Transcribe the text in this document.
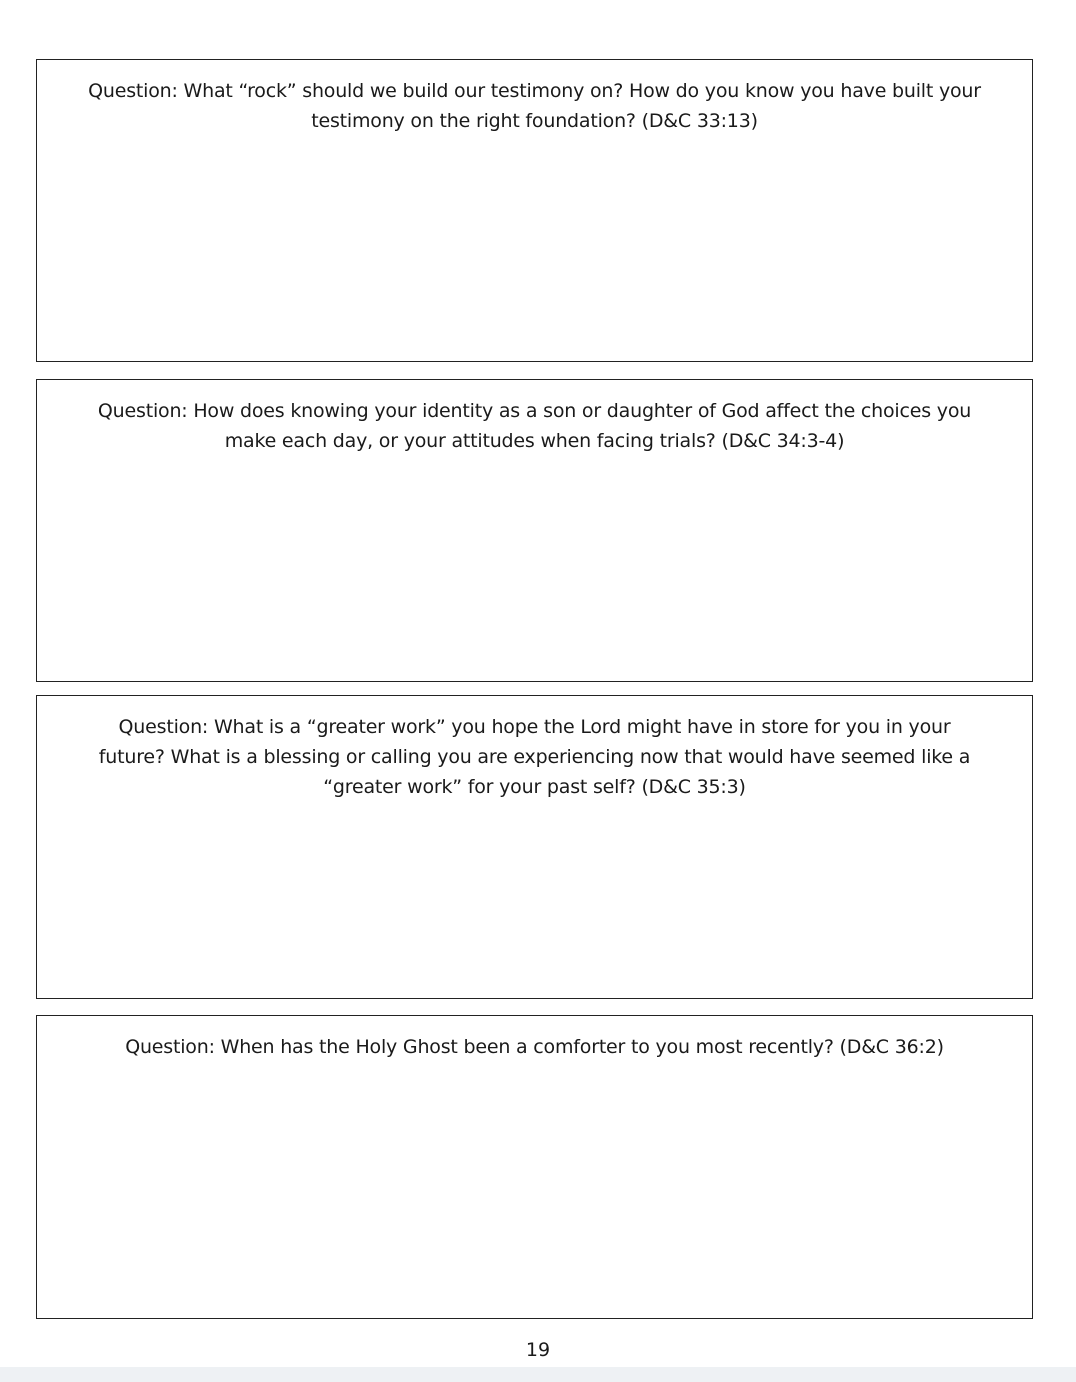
Question: What “rock” should we build our testimony on? How do you know you have built your testimony on the right foundation? (D&C 33:13)
Question: How does knowing your identity as a son or daughter of God affect the choices you make each day, or your attitudes when facing trials? (D&C 34:3-4)
Question: What is a “greater work” you hope the Lord might have in store for you in your future? What is a blessing or calling you are experiencing now that would have seemed like a “greater work” for your past self? (D&C 35:3)
Question: When has the Holy Ghost been a comforter to you most recently? (D&C 36:2)
19
